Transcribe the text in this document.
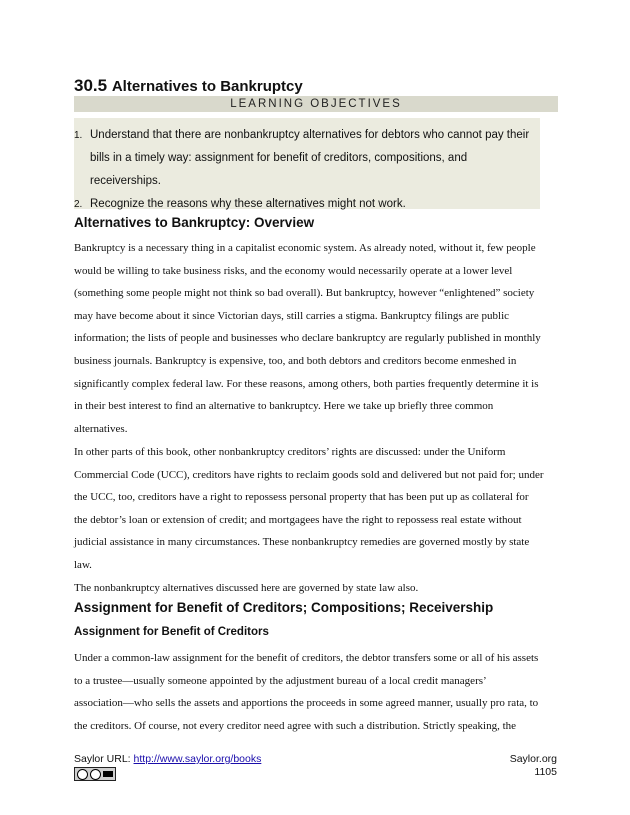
30.5 Alternatives to Bankruptcy
LEARNING OBJECTIVES
1. Understand that there are nonbankruptcy alternatives for debtors who cannot pay their
bills in a timely way: assignment for benefit of creditors, compositions, and
receiverships.
2. Recognize the reasons why these alternatives might not work.
Alternatives to Bankruptcy: Overview
Bankruptcy is a necessary thing in a capitalist economic system. As already noted, without it, few people
would be willing to take business risks, and the economy would necessarily operate at a lower level
(something some people might not think so bad overall). But bankruptcy, however “enlightened” society
may have become about it since Victorian days, still carries a stigma. Bankruptcy filings are public
information; the lists of people and businesses who declare bankruptcy are regularly published in monthly
business journals. Bankruptcy is expensive, too, and both debtors and creditors become enmeshed in
significantly complex federal law. For these reasons, among others, both parties frequently determine it is
in their best interest to find an alternative to bankruptcy. Here we take up briefly three common
alternatives.
In other parts of this book, other nonbankruptcy creditors’ rights are discussed: under the Uniform
Commercial Code (UCC), creditors have rights to reclaim goods sold and delivered but not paid for; under
the UCC, too, creditors have a right to repossess personal property that has been put up as collateral for
the debtor’s loan or extension of credit; and mortgagees have the right to repossess real estate without
judicial assistance in many circumstances. These nonbankruptcy remedies are governed mostly by state
law.
The nonbankruptcy alternatives discussed here are governed by state law also.
Assignment for Benefit of Creditors; Compositions; Receivership
Assignment for Benefit of Creditors
Under a common-law assignment for the benefit of creditors, the debtor transfers some or all of his assets
to a trustee—usually someone appointed by the adjustment bureau of a local credit managers’
association—who sells the assets and apportions the proceeds in some agreed manner, usually pro rata, to
the creditors. Of course, not every creditor need agree with such a distribution. Strictly speaking, the
Saylor URL: http://www.saylor.org/books	Saylor.org
1105
